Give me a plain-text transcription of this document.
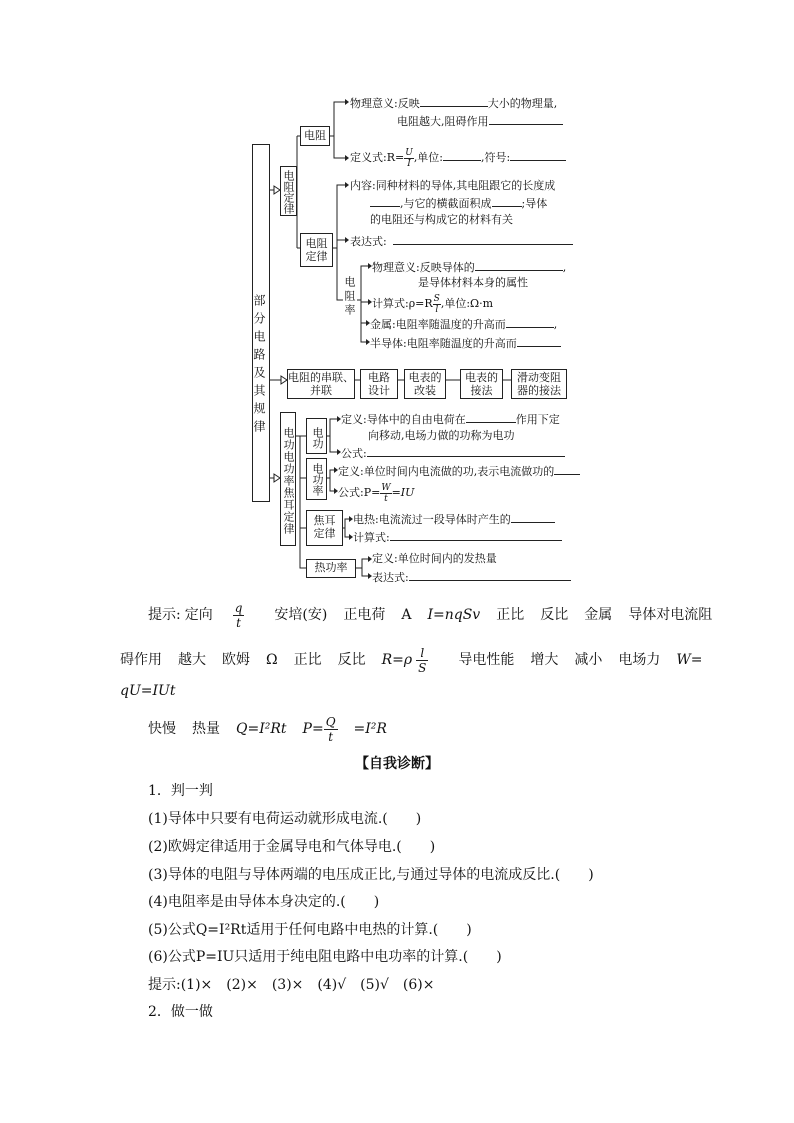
部分电路及其规律
电阻定律
电阻
电阻定律
电阻率
物理意义:反映	大小的物理量,
电阻越大,阻碍作用
定义式:R= $\frac{U}{I}$ ,单位:	,符号:
内容:同种材料的导体,其电阻跟它的长度成
,与它的横截面积成	;导体
的电阻还与构成它的材料有关
表达式:
物理意义:反映导体的	,
是导体材料本身的属性
计算式:ρ=R $\frac{S}{l}$ ,单位:Ω·m
金属:电阻率随温度的升高而	,
半导体:电阻率随温度的升高而
电阻的串联、并联
电路设计
电表的改装
电表的接法
滑动变阻器的接法
电功电功率焦耳定律	电功
定义:导体中的自由电荷在	作用下定
向移动,电场力做的功称为电功
公式:
电功率 定义:单位时间内电流做的功,表示电流做功的
公式:P= $\frac{W}{t} =IU$
焦耳定律
电热:电流流过一段导体时产生的
计算式:
热功率
定义:单位时间内的发热量
表达式:
提示: 定向 $\frac{q}{t}$ 安培(安) 正电荷 A I=nqSv 正比 反比 金属 导体对电流阻
碍作用 越大 欧姆 Ω 正比 反比 $R=\rho \frac{l}{S}$ 导电性能 增大 减小 电场力 W=
qU=IUt
快慢 热量 Q=I²Rt $P= \frac{Q}{t} =I^2R$
【自我诊断】
1．判一判
(1)导体中只要有电荷运动就形成电流.(　　)
(2)欧姆定律适用于金属导电和气体导电.(　　)
(3)导体的电阻与导体两端的电压成正比,与通过导体的电流成反比.(　　)
(4)电阻率是由导体本身决定的.(　　)
(5)公式Q=I²Rt适用于任何电路中电热的计算.(　　)
(6)公式P=IU只适用于纯电阻电路中电功率的计算.(　　)
提示:(1)×　(2)×　(3)×　(4)√　(5)√　(6)×
2．做一做
